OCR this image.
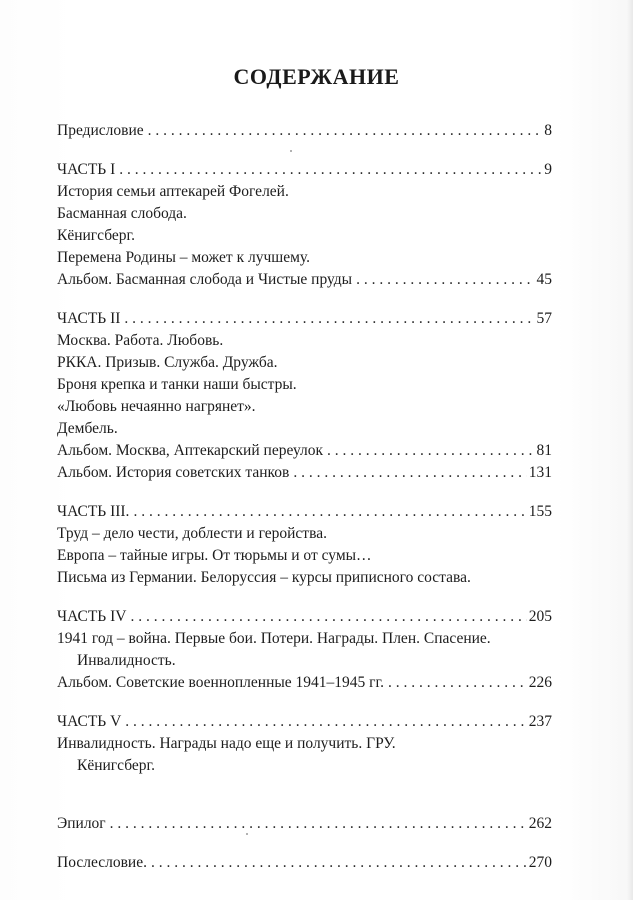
СОДЕРЖАНИЕ
Предисловие . . .	8
ЧАСТЬ I . . .	9
История семьи аптекарей Фогелей.
Басманная слобода.
Кёнигсберг.
Перемена Родины – может к лучшему.
Альбом. Басманная слобода и Чистые пруды . . .	45
ЧАСТЬ II . . .	57
Москва. Работа. Любовь.
РККА. Призыв. Служба. Дружба.
Броня крепка и танки наши быстры.
«Любовь нечаянно нагрянет».
Дембель.
Альбом. Москва, Аптекарский переулок . . .	81
Альбом. История советских танков . . .	131
ЧАСТЬ III. . . .	155
Труд – дело чести, доблести и геройства.
Европа – тайные игры. От тюрьмы и от сумы…
Письма из Германии. Белоруссия – курсы приписного состава.
ЧАСТЬ IV . . .	205
1941 год – война. Первые бои. Потери. Награды. Плен. Спасение.
Инвалидность.
Альбом. Советские военнопленные 1941–1945 гг. . . .	226
ЧАСТЬ V . . .	237
Инвалидность. Награды надо еще и получить. ГРУ.
Кёнигсберг.
Эпилог . . .	262
Послесловие. . . .	270
